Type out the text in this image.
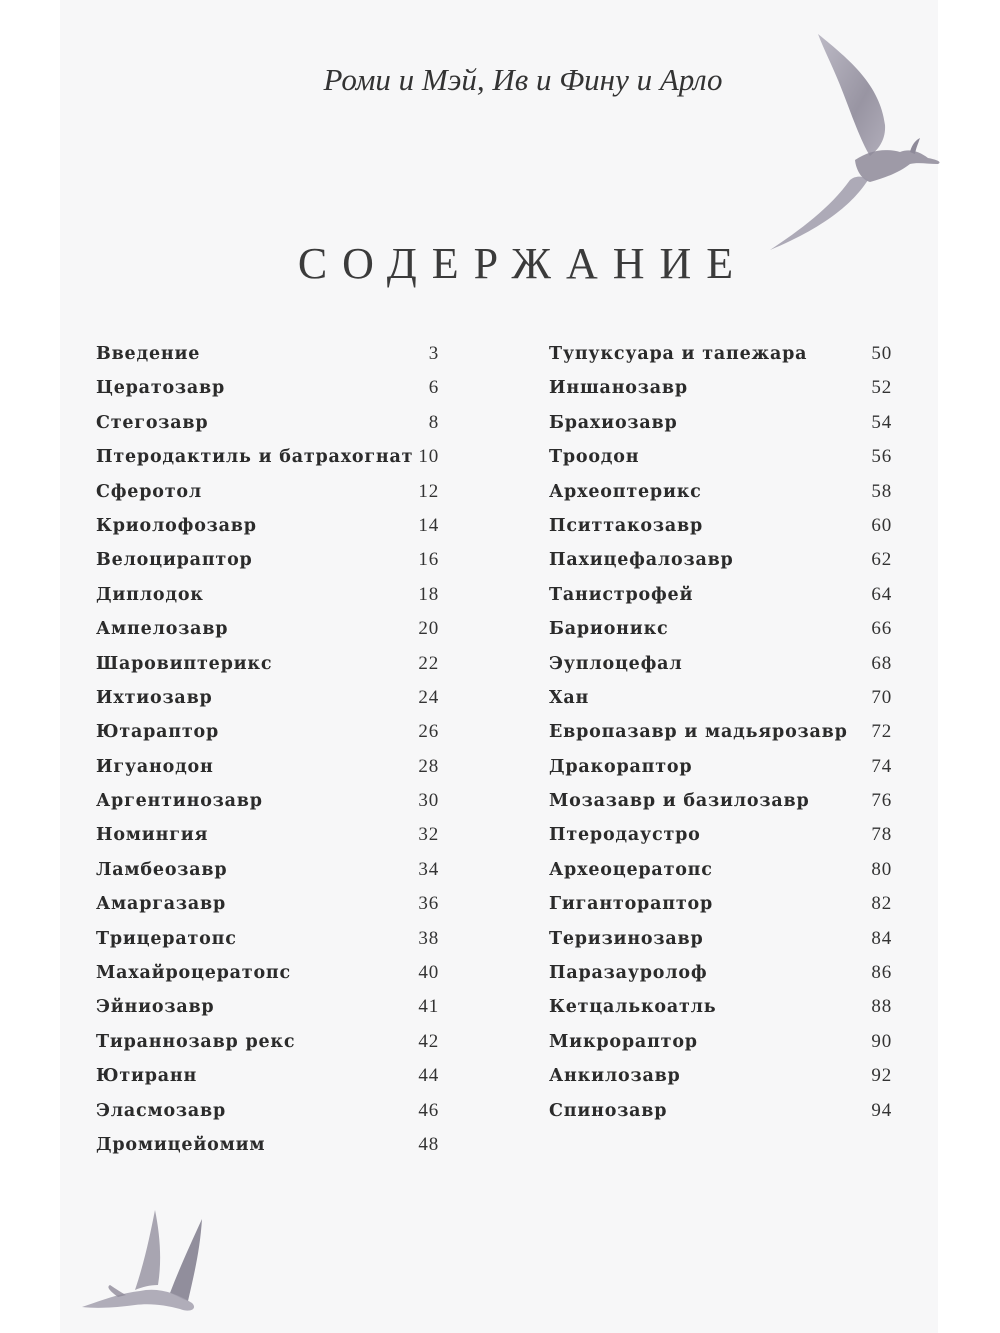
Роми и Мэй, Ив и Фину и Арло
СОДЕРЖАНИЕ
Введение	3
Цератозавр	6
Стегозавр	8
Птеродактиль и батрахогнат 10
Сферотол	12
Криолофозавр	14
Велоцираптор	16
Диплодок	18
Ампелозавр	20
Шаровиптерикс	22
Ихтиозавр	24
Ютараптор	26
Игуанодон	28
Аргентинозавр	30
Номингия	32
Ламбеозавр	34
Амаргазавр	36
Трицератопс	38
Махайроцератопс	40
Эйниозавр	41
Тираннозавр рекс	42
Ютиранн	44
Эласмозавр	46
Дромицейомим	48
Тупуксуара и тапежара	50
Иншанозавр	52
Брахиозавр	54
Троодон	56
Археоптерикс	58
Пситтакозавр	60
Пахицефалозавр	62
Танистрофей	64
Барионикс	66
Эуплоцефал	68
Хан	70
Европазавр и мадьярозавр 72
Дракораптор	74
Мозазавр и базилозавр	76
Птеродаустро	78
Археоцератопс	80
Гиганторaптор	82
Теризинозавр	84
Паразауролоф	86
Кетцалькоатль	88
Микрораптор	90
Анкилозавр	92
Спинозавр	94
